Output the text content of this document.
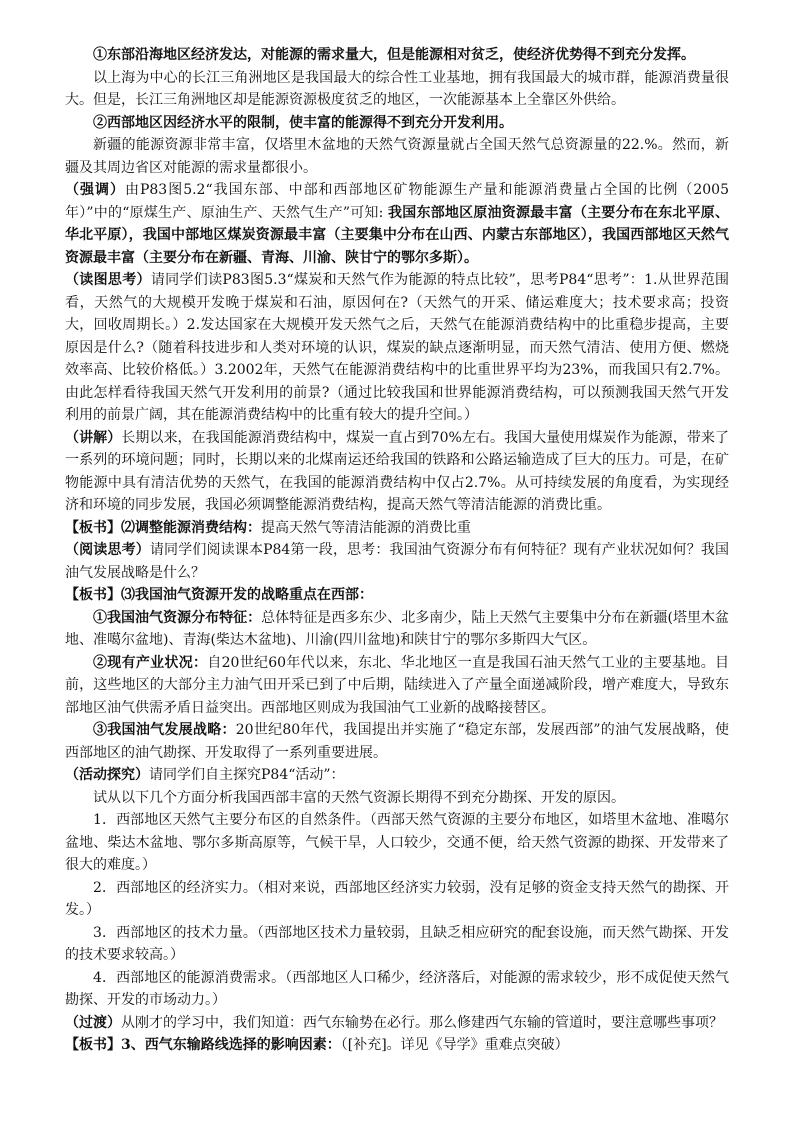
①东部沿海地区经济发达，对能源的需求量大，但是能源相对贫乏，使经济优势得不到充分发挥。

以上海为中心的长江三角洲地区是我国最大的综合性工业基地，拥有我国最大的城市群，能源消费量很大。但是，长江三角洲地区却是能源资源极度贫乏的地区，一次能源基本上全靠区外供给。

②西部地区因经济水平的限制，使丰富的能源得不到充分开发利用。

新疆的能源资源非常丰富，仅塔里木盆地的天然气资源量就占全国天然气总资源量的22.%。然而，新疆及其周边省区对能源的需求量都很小。

（强调）由P83图5.2“我国东部、中部和西部地区矿物能源生产量和能源消费量占全国的比例（2005年）”中的“原煤生产、原油生产、天然气生产”可知: 我国东部地区原油资源最丰富（主要分布在东北平原、华北平原），我国中部地区煤炭资源最丰富（主要集中分布在山西、内蒙古东部地区），我国西部地区天然气资源最丰富（主要分布在新疆、青海、川渝、陕甘宁的鄂尔多斯）。

（读图思考）请同学们读P83图5.3“煤炭和天然气作为能源的特点比较”，思考P84“思考”：1.从世界范围看，天然气的大规模开发晚于煤炭和石油，原因何在?（天然气的开采、储运难度大；技术要求高；投资大，回收周期长。）2.发达国家在大规模开发天然气之后，天然气在能源消费结构中的比重稳步提高，主要原因是什么?（随着科技进步和人类对环境的认识，煤炭的缺点逐渐明显，而天然气清洁、使用方便、燃烧效率高、比较价格低。）3.2002年，天然气在能源消费结构中的比重世界平均为23%，而我国只有2.7%。由此怎样看待我国天然气开发利用的前景?（通过比较我国和世界能源消费结构，可以预测我国天然气开发利用的前景广阔，其在能源消费结构中的比重有较大的提升空间。）

（讲解）长期以来，在我国能源消费结构中，煤炭一直占到70%左右。我国大量使用煤炭作为能源，带来了一系列的环境问题；同时，长期以来的北煤南运还给我国的铁路和公路运输造成了巨大的压力。可是，在矿物能源中具有清洁优势的天然气，在我国的能源消费结构中仅占2.7%。从可持续发展的角度看，为实现经济和环境的同步发展，我国必须调整能源消费结构，提高天然气等清洁能源的消费比重。

【板书】⑵调整能源消费结构：提高天然气等清洁能源的消费比重

（阅读思考）请同学们阅读课本P84第一段，思考：我国油气资源分布有何特征？现有产业状况如何？我国油气发展战略是什么？

【板书】⑶我国油气资源开发的战略重点在西部：

①我国油气资源分布特征：总体特征是西多东少、北多南少，陆上天然气主要集中分布在新疆(塔里木盆地、准噶尔盆地)、青海(柴达木盆地)、川渝(四川盆地)和陕甘宁的鄂尔多斯四大气区。

②现有产业状况：自20世纪60年代以来，东北、华北地区一直是我国石油天然气工业的主要基地。目前，这些地区的大部分主力油气田开采已到了中后期，陆续进入了产量全面递减阶段，增产难度大，导致东部地区油气供需矛盾日益突出。西部地区则成为我国油气工业新的战略接替区。

③我国油气发展战略：20世纪80年代，我国提出并实施了“稳定东部，发展西部”的油气发展战略，使西部地区的油气勘探、开发取得了一系列重要进展。

（活动探究）请同学们自主探究P84“活动”：

试从以下几个方面分析我国西部丰富的天然气资源长期得不到充分勘探、开发的原因。

1．西部地区天然气主要分布区的自然条件。（西部天然气资源的主要分布地区，如塔里木盆地、准噶尔盆地、柴达木盆地、鄂尔多斯高原等，气候干旱，人口较少，交通不便，给天然气资源的勘探、开发带来了很大的难度。）

2．西部地区的经济实力。（相对来说，西部地区经济实力较弱，没有足够的资金支持天然气的勘探、开发。）

3．西部地区的技术力量。（西部地区技术力量较弱，且缺乏相应研究的配套设施，而天然气勘探、开发的技术要求较高。）

4．西部地区的能源消费需求。（西部地区人口稀少，经济落后，对能源的需求较少，形不成促使天然气勘探、开发的市场动力。）

（过渡）从刚才的学习中，我们知道：西气东输势在必行。那么修建西气东输的管道时，要注意哪些事项？

【板书】3、西气东输路线选择的影响因素：（[补充]。详见《导学》重难点突破）
